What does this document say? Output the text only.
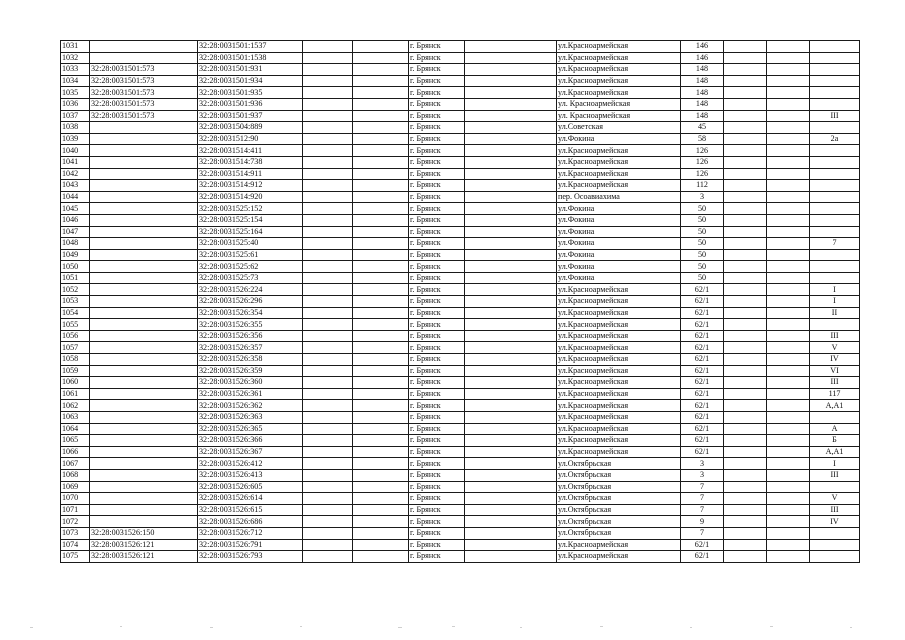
1031		32:28:0031501:1537			г. Брянск		ул.Красноармейская	146			
1032		32:28:0031501:1538			г. Брянск		ул.Красноармейская	146			
1033	32:28:0031501:573	32:28:0031501:931			г. Брянск		ул.Красноармейская	148			
1034	32:28:0031501:573	32:28:0031501:934			г. Брянск		ул.Красноармейская	148			
1035	32:28:0031501:573	32:28:0031501:935			г. Брянск		ул.Красноармейская	148			
1036	32:28:0031501:573	32:28:0031501:936			г. Брянск		ул. Красноармейская	148			
1037	32:28:0031501:573	32:28:0031501:937			г. Брянск		ул. Красноармейская	148			III
1038		32:28:0031504:889			г. Брянск		ул.Советская	45			
1039		32:28:0031512:90			г. Брянск		ул.Фокина	58			2а
1040		32:28:0031514:411			г. Брянск		ул.Красноармейская	126			
1041		32:28:0031514:738			г. Брянск		ул.Красноармейская	126			
1042		32:28:0031514:911			г. Брянск		ул.Красноармейская	126			
1043		32:28:0031514:912			г. Брянск		ул.Красноармейская	112			
1044		32:28:0031514:920			г. Брянск		пер. Осоавиахима	3			
1045		32:28:0031525:152			г. Брянск		ул.Фокина	50			
1046		32:28:0031525:154			г. Брянск		ул.Фокина	50			
1047		32:28:0031525:164			г. Брянск		ул.Фокина	50			
1048		32:28:0031525:40			г. Брянск		ул.Фокина	50			7
1049		32:28:0031525:61			г. Брянск		ул.Фокина	50			
1050		32:28:0031525:62			г. Брянск		ул.Фокина	50			
1051		32:28:0031525:73			г. Брянск		ул.Фокина	50			
1052		32:28:0031526:224			г. Брянск		ул.Красноармейская	62/1			I
1053		32:28:0031526:296			г. Брянск		ул.Красноармейская	62/1			I
1054		32:28:0031526:354			г. Брянск		ул.Красноармейская	62/1			II
1055		32:28:0031526:355			г. Брянск		ул.Красноармейская	62/1			
1056		32:28:0031526:356			г. Брянск		ул.Красноармейская	62/1			III
1057		32:28:0031526:357			г. Брянск		ул.Красноармейская	62/1			V
1058		32:28:0031526:358			г. Брянск		ул.Красноармейская	62/1			IV
1059		32:28:0031526:359			г. Брянск		ул.Красноармейская	62/1			VI
1060		32:28:0031526:360			г. Брянск		ул.Красноармейская	62/1			III
1061		32:28:0031526:361			г. Брянск		ул.Красноармейская	62/1			117
1062		32:28:0031526:362			г. Брянск		ул.Красноармейская	62/1			А,А1
1063		32:28:0031526:363			г. Брянск		ул.Красноармейская	62/1			
1064		32:28:0031526:365			г. Брянск		ул.Красноармейская	62/1			А
1065		32:28:0031526:366			г. Брянск		ул.Красноармейская	62/1			Б
1066		32:28:0031526:367			г. Брянск		ул.Красноармейская	62/1			А,А1
1067		32:28:0031526:412			г. Брянск		ул.Октябрьская	3			I
1068		32:28:0031526:413			г. Брянск		ул.Октябрьская	3			III
1069		32:28:0031526:605			г. Брянск		ул.Октябрьская	7			
1070		32:28:0031526:614			г. Брянск		ул.Октябрьская	7			V
1071		32:28:0031526:615			г. Брянск		ул.Октябрьская	7			III
1072		32:28:0031526:686			г. Брянск		ул.Октябрьская	9			IV
1073	32:28:0031526:150	32:28:0031526:712			г. Брянск		ул.Октябрьская	7			
1074	32:28:0031526:121	32:28:0031526:791			г. Брянск		ул.Красноармейская	62/1			
1075	32:28:0031526:121	32:28:0031526:793			г. Брянск		ул.Красноармейская	62/1			
